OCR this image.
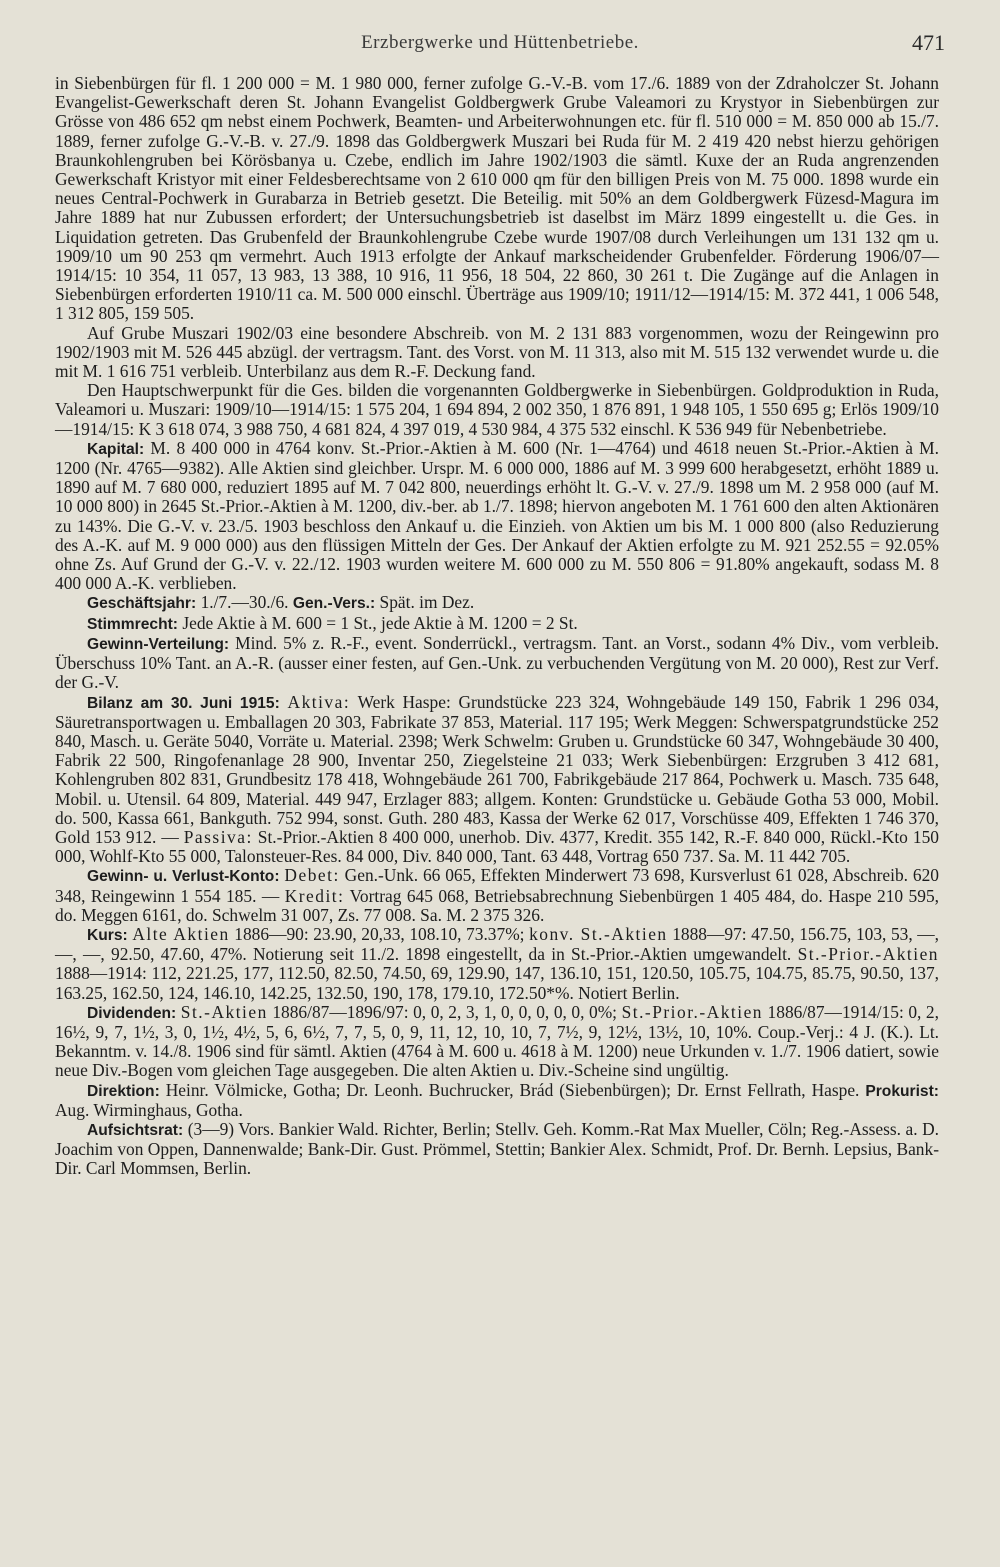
Erzbergwerke und Hüttenbetriebe.	471

in Siebenbürgen für fl. 1 200 000 = M. 1 980 000, ferner zufolge G.-V.-B. vom 17./6. 1889 von der Zdraholczer St. Johann Evangelist-Gewerkschaft deren St. Johann Evangelist Goldbergwerk Grube Valeamori zu Krystyor in Siebenbürgen zur Grösse von 486 652 qm nebst einem Pochwerk, Beamten- und Arbeiterwohnungen etc. für fl. 510 000 = M. 850 000 ab 15./7. 1889, ferner zufolge G.-V.-B. v. 27./9. 1898 das Goldbergwerk Muszari bei Ruda für M. 2 419 420 nebst hierzu gehörigen Braunkohlengruben bei Körösbanya u. Czebe, endlich im Jahre 1902/1903 die sämtl. Kuxe der an Ruda angrenzenden Gewerkschaft Kristyor mit einer Feldesberechtsame von 2 610 000 qm für den billigen Preis von M. 75 000. 1898 wurde ein neues Central-Pochwerk in Gurabarza in Betrieb gesetzt. Die Beteilig. mit 50% an dem Goldbergwerk Füzesd-Magura im Jahre 1889 hat nur Zubussen erfordert; der Untersuchungsbetrieb ist daselbst im März 1899 eingestellt u. die Ges. in Liquidation getreten. Das Grubenfeld der Braunkohlengrube Czebe wurde 1907/08 durch Verleihungen um 131 132 qm u. 1909/10 um 90 253 qm vermehrt. Auch 1913 erfolgte der Ankauf markscheidender Grubenfelder. Förderung 1906/07—1914/15: 10 354, 11 057, 13 983, 13 388, 10 916, 11 956, 18 504, 22 860, 30 261 t. Die Zugänge auf die Anlagen in Siebenbürgen erforderten 1910/11 ca. M. 500 000 einschl. Überträge aus 1909/10; 1911/12—1914/15: M. 372 441, 1 006 548, 1 312 805, 159 505.

Auf Grube Muszari 1902/03 eine besondere Abschreib. von M. 2 131 883 vorgenommen, wozu der Reingewinn pro 1902/1903 mit M. 526 445 abzügl. der vertragsm. Tant. des Vorst. von M. 11 313, also mit M. 515 132 verwendet wurde u. die mit M. 1 616 751 verbleib. Unterbilanz aus dem R.-F. Deckung fand.

Den Hauptschwerpunkt für die Ges. bilden die vorgenannten Goldbergwerke in Siebenbürgen. Goldproduktion in Ruda, Valeamori u. Muszari: 1909/10—1914/15: 1 575 204, 1 694 894, 2 002 350, 1 876 891, 1 948 105, 1 550 695 g; Erlös 1909/10—1914/15: K 3 618 074, 3 988 750, 4 681 824, 4 397 019, 4 530 984, 4 375 532 einschl. K 536 949 für Nebenbetriebe.

Kapital: M. 8 400 000 in 4764 konv. St.-Prior.-Aktien à M. 600 (Nr. 1—4764) und 4618 neuen St.-Prior.-Aktien à M. 1200 (Nr. 4765—9382). Alle Aktien sind gleichber. Urspr. M. 6 000 000, 1886 auf M. 3 999 600 herabgesetzt, erhöht 1889 u. 1890 auf M. 7 680 000, reduziert 1895 auf M. 7 042 800, neuerdings erhöht lt. G.-V. v. 27./9. 1898 um M. 2 958 000 (auf M. 10 000 800) in 2645 St.-Prior.-Aktien à M. 1200, div.-ber. ab 1./7. 1898; hiervon angeboten M. 1 761 600 den alten Aktionären zu 143%. Die G.-V. v. 23./5. 1903 beschloss den Ankauf u. die Einzieh. von Aktien um bis M. 1 000 800 (also Reduzierung des A.-K. auf M. 9 000 000) aus den flüssigen Mitteln der Ges. Der Ankauf der Aktien erfolgte zu M. 921 252.55 = 92.05% ohne Zs. Auf Grund der G.-V. v. 22./12. 1903 wurden weitere M. 600 000 zu M. 550 806 = 91.80% angekauft, sodass M. 8 400 000 A.-K. verblieben.

Geschäftsjahr: 1./7.—30./6. Gen.-Vers.: Spät. im Dez.

Stimmrecht: Jede Aktie à M. 600 = 1 St., jede Aktie à M. 1200 = 2 St.

Gewinn-Verteilung: Mind. 5% z. R.-F., event. Sonderrückl., vertragsm. Tant. an Vorst., sodann 4% Div., vom verbleib. Überschuss 10% Tant. an A.-R. (ausser einer festen, auf Gen.-Unk. zu verbuchenden Vergütung von M. 20 000), Rest zur Verf. der G.-V.

Bilanz am 30. Juni 1915: Aktiva: Werk Haspe: Grundstücke 223 324, Wohngebäude 149 150, Fabrik 1 296 034, Säuretransportwagen u. Emballagen 20 303, Fabrikate 37 853, Material. 117 195; Werk Meggen: Schwerspatgrundstücke 252 840, Masch. u. Geräte 5040, Vorräte u. Material. 2398; Werk Schwelm: Gruben u. Grundstücke 60 347, Wohngebäude 30 400, Fabrik 22 500, Ringofenanlage 28 900, Inventar 250, Ziegelsteine 21 033; Werk Siebenbürgen: Erzgruben 3 412 681, Kohlengruben 802 831, Grundbesitz 178 418, Wohngebäude 261 700, Fabrikgebäude 217 864, Pochwerk u. Masch. 735 648, Mobil. u. Utensil. 64 809, Material. 449 947, Erzlager 883; allgem. Konten: Grundstücke u. Gebäude Gotha 53 000, Mobil. do. 500, Kassa 661, Bankguth. 752 994, sonst. Guth. 280 483, Kassa der Werke 62 017, Vorschüsse 409, Effekten 1 746 370, Gold 153 912. — Passiva: St.-Prior.-Aktien 8 400 000, unerhob. Div. 4377, Kredit. 355 142, R.-F. 840 000, Rückl.-Kto 150 000, Wohlf-Kto 55 000, Talonsteuer-Res. 84 000, Div. 840 000, Tant. 63 448, Vortrag 650 737. Sa. M. 11 442 705.

Gewinn- u. Verlust-Konto: Debet: Gen.-Unk. 66 065, Effekten Minderwert 73 698, Kursverlust 61 028, Abschreib. 620 348, Reingewinn 1 554 185. — Kredit: Vortrag 645 068, Betriebsabrechnung Siebenbürgen 1 405 484, do. Haspe 210 595, do. Meggen 6161, do. Schwelm 31 007, Zs. 77 008. Sa. M. 2 375 326.

Kurs: Alte Aktien 1886—90: 23.90, 20,33, 108.10, 73.37%; konv. St.-Aktien 1888—97: 47.50, 156.75, 103, 53, —, —, —, 92.50, 47.60, 47%. Notierung seit 11./2. 1898 eingestellt, da in St.-Prior.-Aktien umgewandelt. St.-Prior.-Aktien 1888—1914: 112, 221.25, 177, 112.50, 82.50, 74.50, 69, 129.90, 147, 136.10, 151, 120.50, 105.75, 104.75, 85.75, 90.50, 137, 163.25, 162.50, 124, 146.10, 142.25, 132.50, 190, 178, 179.10, 172.50*%. Notiert Berlin.

Dividenden: St.-Aktien 1886/87—1896/97: 0, 0, 2, 3, 1, 0, 0, 0, 0, 0, 0%; St.-Prior.-Aktien 1886/87—1914/15: 0, 2, 16½, 9, 7, 1½, 3, 0, 1½, 4½, 5, 6, 6½, 7, 7, 5, 0, 9, 11, 12, 10, 10, 7, 7½, 9, 12½, 13½, 10, 10%. Coup.-Verj.: 4 J. (K.). Lt. Bekanntm. v. 14./8. 1906 sind für sämtl. Aktien (4764 à M. 600 u. 4618 à M. 1200) neue Urkunden v. 1./7. 1906 datiert, sowie neue Div.-Bogen vom gleichen Tage ausgegeben. Die alten Aktien u. Div.-Scheine sind ungültig.

Direktion: Heinr. Völmicke, Gotha; Dr. Leonh. Buchrucker, Brád (Siebenbürgen); Dr. Ernst Fellrath, Haspe. Prokurist: Aug. Wirminghaus, Gotha.

Aufsichtsrat: (3—9) Vors. Bankier Wald. Richter, Berlin; Stellv. Geh. Komm.-Rat Max Mueller, Cöln; Reg.-Assess. a. D. Joachim von Oppen, Dannenwalde; Bank-Dir. Gust. Prömmel, Stettin; Bankier Alex. Schmidt, Prof. Dr. Bernh. Lepsius, Bank-Dir. Carl Mommsen, Berlin.
